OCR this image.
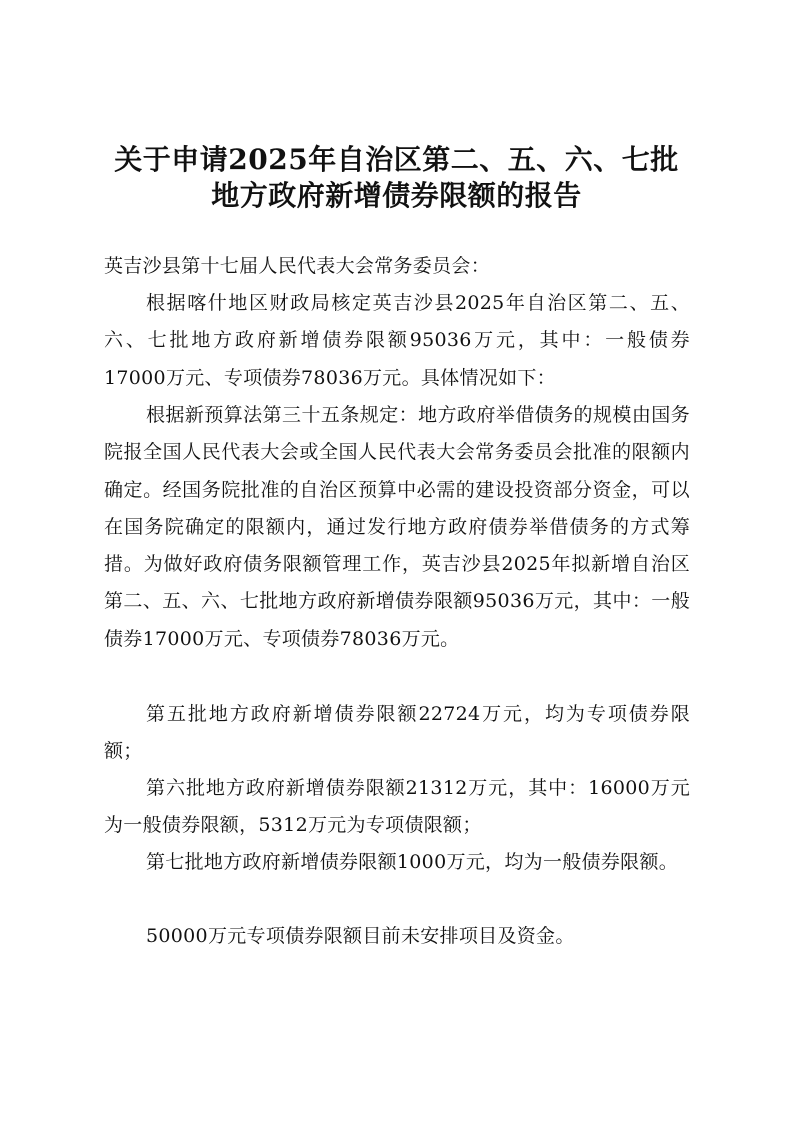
关于申请2025年自治区第二、五、六、七批
地方政府新增债券限额的报告

英吉沙县第十七届人民代表大会常务委员会：

根据喀什地区财政局核定英吉沙县2025年自治区第二、五、六、七批地方政府新增债券限额95036万元，其中：一般债券17000万元、专项债券78036万元。具体情况如下：

根据新预算法第三十五条规定：地方政府举借债务的规模由国务院报全国人民代表大会或全国人民代表大会常务委员会批准的限额内确定。经国务院批准的自治区预算中必需的建设投资部分资金，可以在国务院确定的限额内，通过发行地方政府债券举借债务的方式筹措。为做好政府债务限额管理工作，英吉沙县2025年拟新增自治区第二、五、六、七批地方政府新增债券限额95036万元，其中：一般债券17000万元、专项债券78036万元。

第五批地方政府新增债券限额22724万元，均为专项债券限额；

第六批地方政府新增债券限额21312万元，其中：16000万元为一般债券限额，5312万元为专项债限额；

第七批地方政府新增债券限额1000万元，均为一般债券限额。

50000万元专项债券限额目前未安排项目及资金。
